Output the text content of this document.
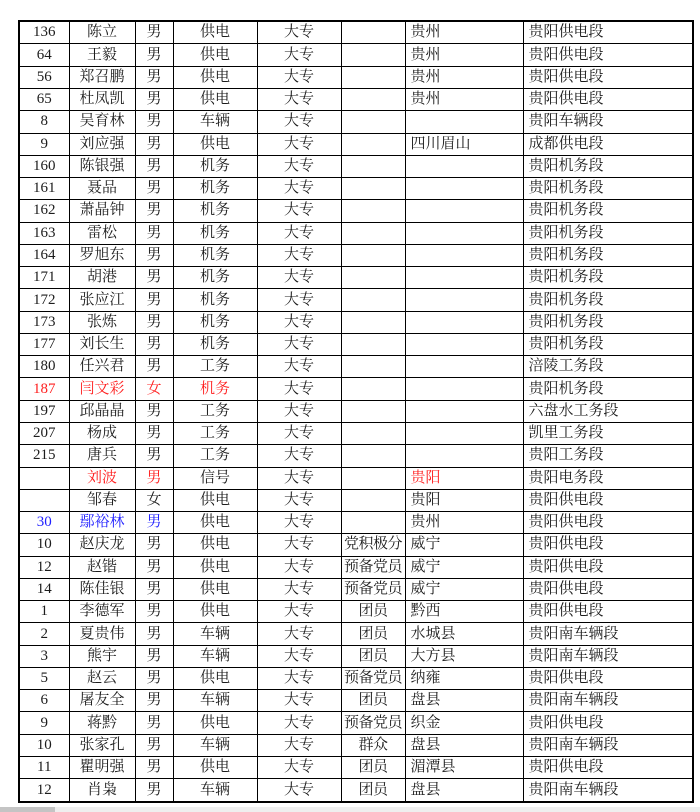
136	陈立	男	供电	大专		贵州	贵阳供电段
64	王毅	男	供电	大专		贵州	贵阳供电段
56	郑召鹏	男	供电	大专		贵州	贵阳供电段
65	杜凤凯	男	供电	大专		贵州	贵阳供电段
8	吴育林	男	车辆	大专			贵阳车辆段
9	刘应强	男	供电	大专		四川眉山	成都供电段
160	陈银强	男	机务	大专			贵阳机务段
161	聂品	男	机务	大专			贵阳机务段
162	萧晶钟	男	机务	大专			贵阳机务段
163	雷松	男	机务	大专			贵阳机务段
164	罗旭东	男	机务	大专			贵阳机务段
171	胡港	男	机务	大专			贵阳机务段
172	张应江	男	机务	大专			贵阳机务段
173	张炼	男	机务	大专			贵阳机务段
177	刘长生	男	机务	大专			贵阳机务段
180	任兴君	男	工务	大专			涪陵工务段
187	闫文彩	女	机务	大专			贵阳机务段
197	邱晶晶	男	工务	大专			六盘水工务段
207	杨成	男	工务	大专			凯里工务段
215	唐兵	男	工务	大专			贵阳工务段
	刘波	男	信号	大专		贵阳	贵阳电务段
	邹春	女	供电	大专		贵阳	贵阳供电段
30	鄢裕林	男	供电	大专		贵州	贵阳供电段
10	赵庆龙	男	供电	大专	党积极分	威宁	贵阳供电段
12	赵锴	男	供电	大专	预备党员	威宁	贵阳供电段
14	陈佳银	男	供电	大专	预备党员	威宁	贵阳供电段
1	李德军	男	供电	大专	团员	黔西	贵阳供电段
2	夏贵伟	男	车辆	大专	团员	水城县	贵阳南车辆段
3	熊宇	男	车辆	大专	团员	大方县	贵阳南车辆段
5	赵云	男	供电	大专	预备党员	纳雍	贵阳供电段
6	屠友全	男	车辆	大专	团员	盘县	贵阳南车辆段
9	蒋黔	男	供电	大专	预备党员	织金	贵阳供电段
10	张家孔	男	车辆	大专	群众	盘县	贵阳南车辆段
11	瞿明强	男	供电	大专	团员	湄潭县	贵阳供电段
12	肖枭	男	车辆	大专	团员	盘县	贵阳南车辆段
